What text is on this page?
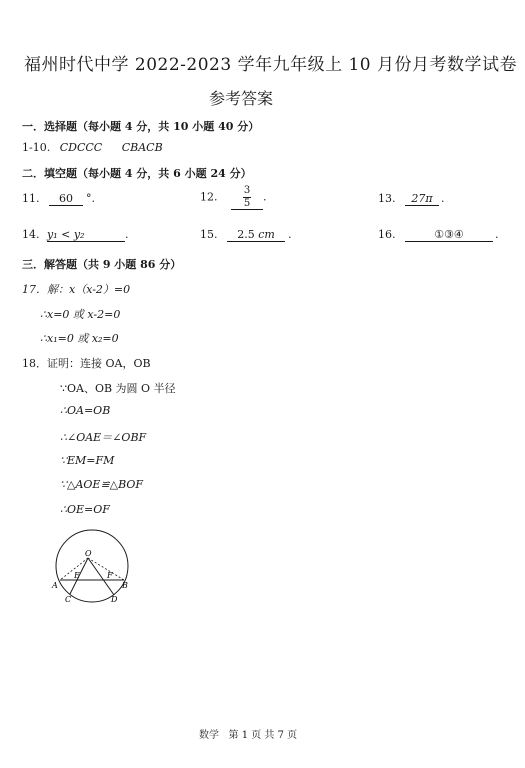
福州时代中学 2022-2023 学年九年级上 10 月份月考数学试卷
参考答案
一．选择题（每小题 4 分，共 10 小题 40 分）
1-10. CDCCC CBACB
二．填空题（每小题 4 分，共 6 小题 24 分）
11. 60 °.	12.	$\frac{3}{5}$ .	13. 27π .
14. y₁ < y₂	.	15. 2.5 cm .	16.	①③④	.
三．解答题（共 9 小题 86 分）
17．解：x（x-2）=0
∴x=0 或 x-2=0
∴x₁=0 或 x₂=0
18．证明：连接 OA，OB
∵OA、OB 为圆 O 半径
∴OA=OB
∴∠OAE＝∠OBF
∵EM=FM
∵△AOE≌△BOF
∴OE=OF
O
E	F
A	B
C	D
数学   第 1 页 共 7 页
